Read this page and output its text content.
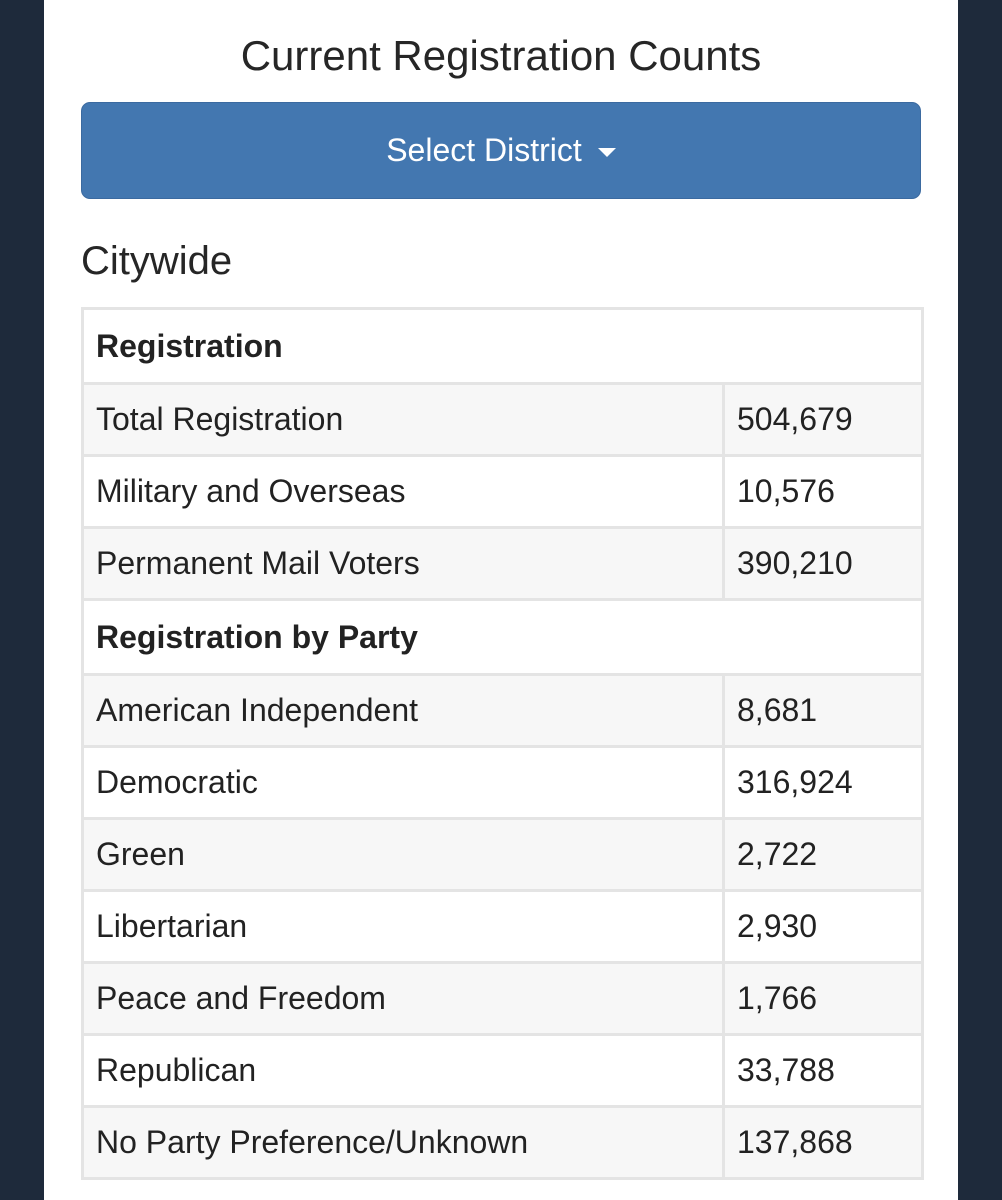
Current Registration Counts
Select District
Citywide
Registration	
Total Registration	504,679
Military and Overseas	10,576
Permanent Mail Voters	390,210
Registration by Party	
American Independent	8,681
Democratic	316,924
Green	2,722
Libertarian	2,930
Peace and Freedom	1,766
Republican	33,788
No Party Preference/Unknown	137,868
